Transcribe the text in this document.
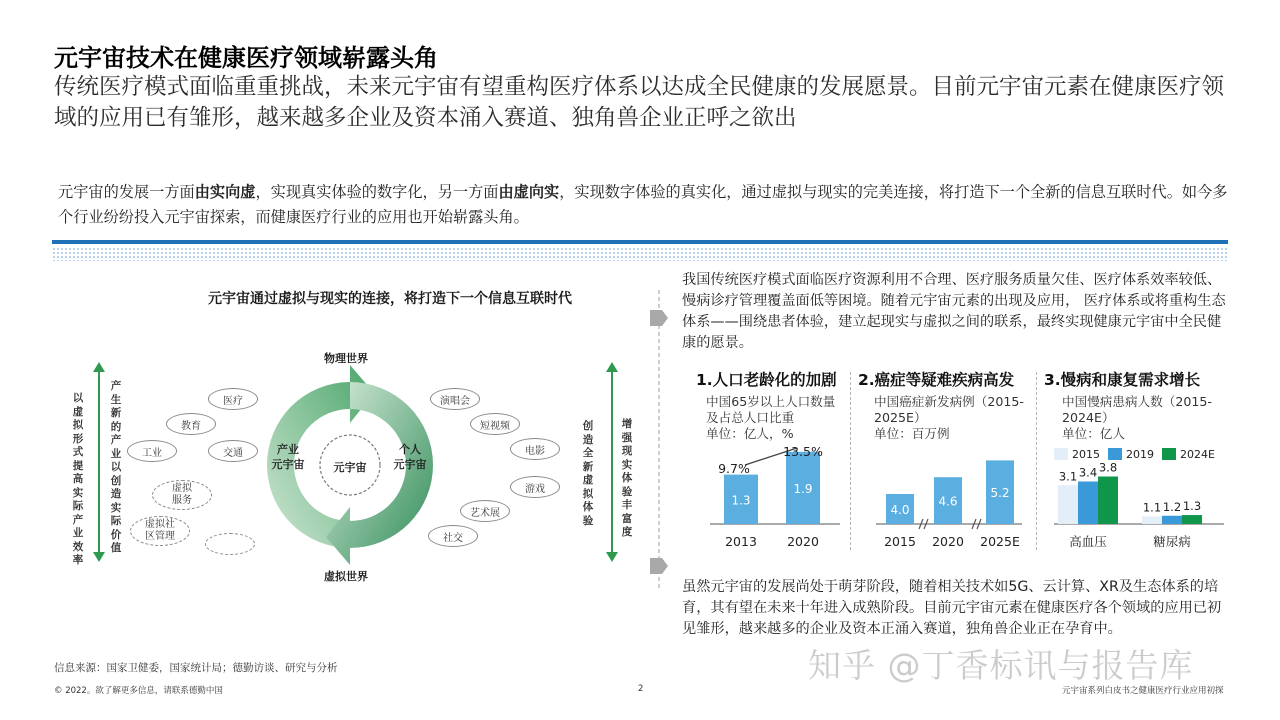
元宇宙技术在健康医疗领域崭露头角
传统医疗模式面临重重挑战，未来元宇宙有望重构医疗体系以达成全民健康的发展愿景。目前元宇宙元素在健康医疗领域的应用已有雏形，越来越多企业及资本涌入赛道、独角兽企业正呼之欲出
元宇宙的发展一方面由实向虚，实现真实体验的数字化，另一方面由虚向实，实现数字体验的真实化，通过虚拟与现实的完美连接，将打造下一个全新的信息互联时代。如今多个行业纷纷投入元宇宙探索，而健康医疗行业的应用也开始崭露头角。
元宇宙通过虚拟与现实的连接，将打造下一个信息互联时代
以虚拟形式提高实际产业效率
产生新的产业以创造实际价值
创造全新虚拟体验
增强现实体验丰富度
物理世界
虚拟世界
元宇宙
产业
元宇宙
个人
元宇宙
医疗
教育
工业	交通
虚拟
服务
虚拟社
区管理
演唱会
短视频
电影
游戏
艺术展
社交
我国传统医疗模式面临医疗资源利用不合理、医疗服务质量欠佳、医疗体系效率较低、慢病诊疗管理覆盖面低等困境。随着元宇宙元素的出现及应用， 医疗体系或将重构生态体系——围绕患者体验，建立起现实与虚拟之间的联系，最终实现健康元宇宙中全民健康的愿景。
1.人口老龄化的加剧
中国65岁以上人口数量及占总人口比重
单位：亿人，%
2.癌症等疑难疾病高发
中国癌症新发病例（2015-2025E）
单位：百万例
3.慢病和康复需求增长
中国慢病患病人数（2015-2024E）
单位：亿人
1.3
2013
1.9
2020
9.7%
13.5%
4.0
2015
4.6
2020
5.2
2025E
2015 2019 2024E
3.1 3.4 3.8
高血压
1.1 1.2 1.3
糖尿病
虽然元宇宙的发展尚处于萌芽阶段，随着相关技术如5G、云计算、XR及生态体系的培育，其有望在未来十年进入成熟阶段。目前元宇宙元素在健康医疗各个领域的应用已初见雏形，越来越多的企业及资本正涌入赛道，独角兽企业正在孕育中。
信息来源：国家卫健委，国家统计局；德勤访谈、研究与分析
© 2022。欲了解更多信息，请联系德勤中国	2	元宇宙系列白皮书之健康医疗行业应用初探
知乎 @丁香标讯与报告库
